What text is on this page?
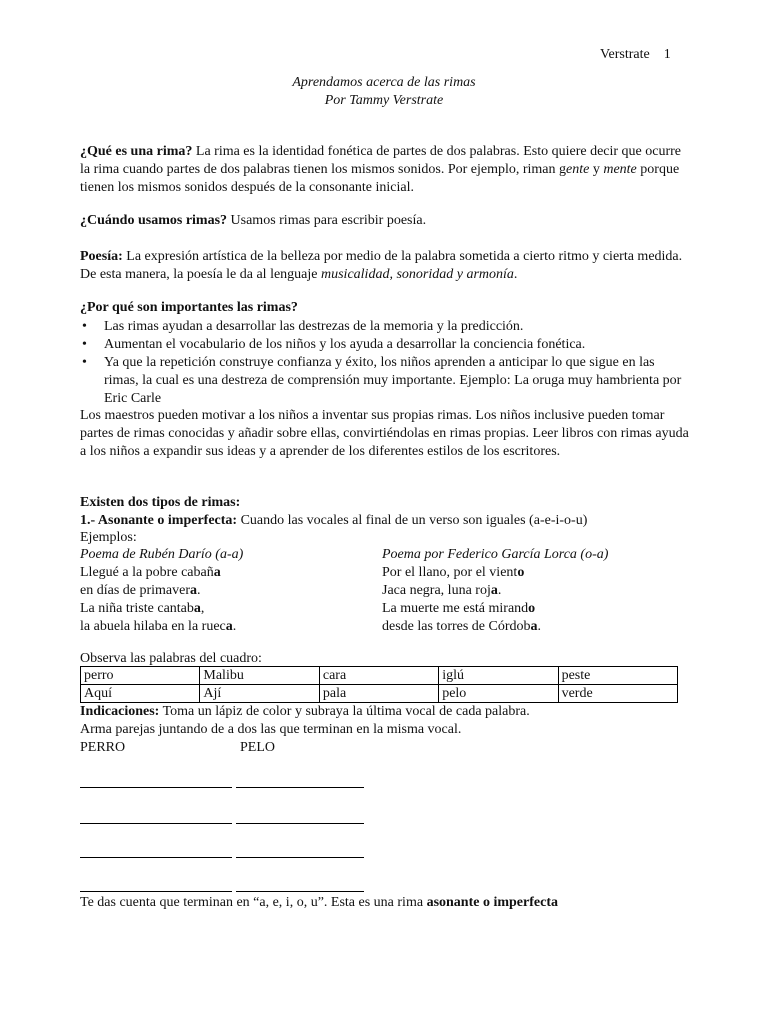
Verstrate 1
Aprendamos acerca de las rimas
Por Tammy Verstrate

¿Qué es una rima? La rima es la identidad fonética de partes de dos palabras. Esto quiere decir que ocurre la rima cuando partes de dos palabras tienen los mismos sonidos. Por ejemplo, riman gente y mente porque tienen los mismos sonidos después de la consonante inicial.

¿Cuándo usamos rimas? Usamos rimas para escribir poesía.

Poesía: La expresión artística de la belleza por medio de la palabra sometida a cierto ritmo y cierta medida. De esta manera, la poesía le da al lenguaje musicalidad, sonoridad y armonía.

¿Por qué son importantes las rimas?

• Las rimas ayudan a desarrollar las destrezas de la memoria y la predicción.
• Aumentan el vocabulario de los niños y los ayuda a desarrollar la conciencia fonética.
• Ya que la repetición construye confianza y éxito, los niños aprenden a anticipar lo que sigue en las rimas, la cual es una destreza de comprensión muy importante. Ejemplo: La oruga muy hambrienta por Eric Carle

Los maestros pueden motivar a los niños a inventar sus propias rimas. Los niños inclusive pueden tomar partes de rimas conocidas y añadir sobre ellas, convirtiéndolas en rimas propias. Leer libros con rimas ayuda a los niños a expandir sus ideas y a aprender de los diferentes estilos de los escritores.

Existen dos tipos de rimas:

1.- Asonante o imperfecta: Cuando las vocales al final de un verso son iguales (a-e-i-o-u)

Ejemplos:

Poema de Rubén Darío (a-a)
Llegué a la pobre cabaña
en días de primavera.
La niña triste cantaba,
la abuela hilaba en la rueca.
Poema por Federico García Lorca (o-a)
Por el llano, por el viento
Jaca negra, luna roja.
La muerte me está mirando
desde las torres de Córdoba.

Observa las palabras del cuadro:

perro	Malibu	cara	iglú	peste
Aquí	Ají	pala	pelo	verde

Indicaciones: Toma un lápiz de color y subraya la última vocal de cada palabra.

Arma parejas juntando de a dos las que terminan en la misma vocal.

PERRO	PELO

Te das cuenta que terminan en “a, e, i, o, u”. Esta es una rima asonante o imperfecta
